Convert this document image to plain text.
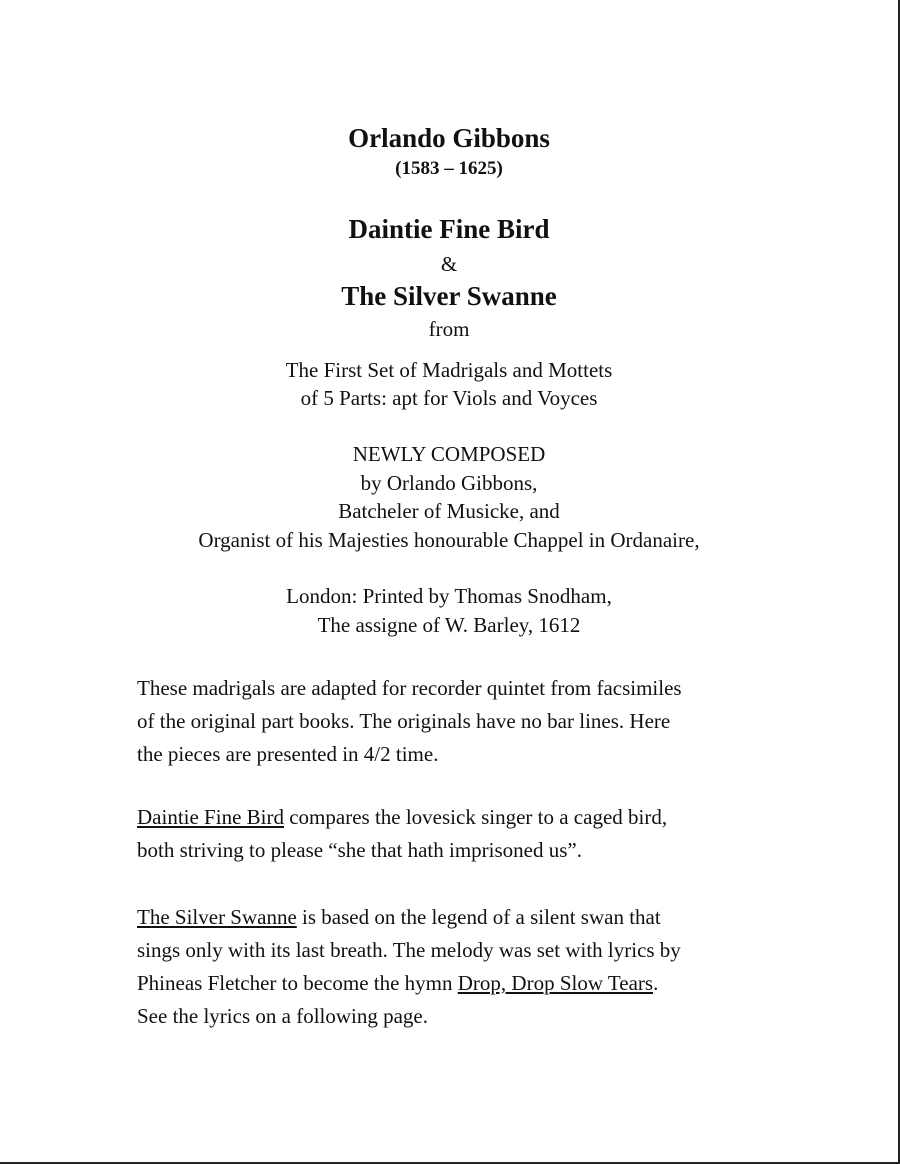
Orlando Gibbons
(1583 – 1625)
Daintie Fine Bird
&
The Silver Swanne
from
The First Set of Madrigals and Mottets
of 5 Parts: apt for Viols and Voyces
NEWLY COMPOSED
by Orlando Gibbons,
Batcheler of Musicke, and
Organist of his Majesties honourable Chappel in Ordanaire,
London: Printed by Thomas Snodham,
The assigne of W. Barley, 1612
These madrigals are adapted for recorder quintet from facsimiles
of the original part books. The originals have no bar lines. Here
the pieces are presented in 4/2 time.
Daintie Fine Bird compares the lovesick singer to a caged bird,
both striving to please “she that hath imprisoned us”.
The Silver Swanne is based on the legend of a silent swan that
sings only with its last breath. The melody was set with lyrics by
Phineas Fletcher to become the hymn Drop, Drop Slow Tears.
See the lyrics on a following page.
